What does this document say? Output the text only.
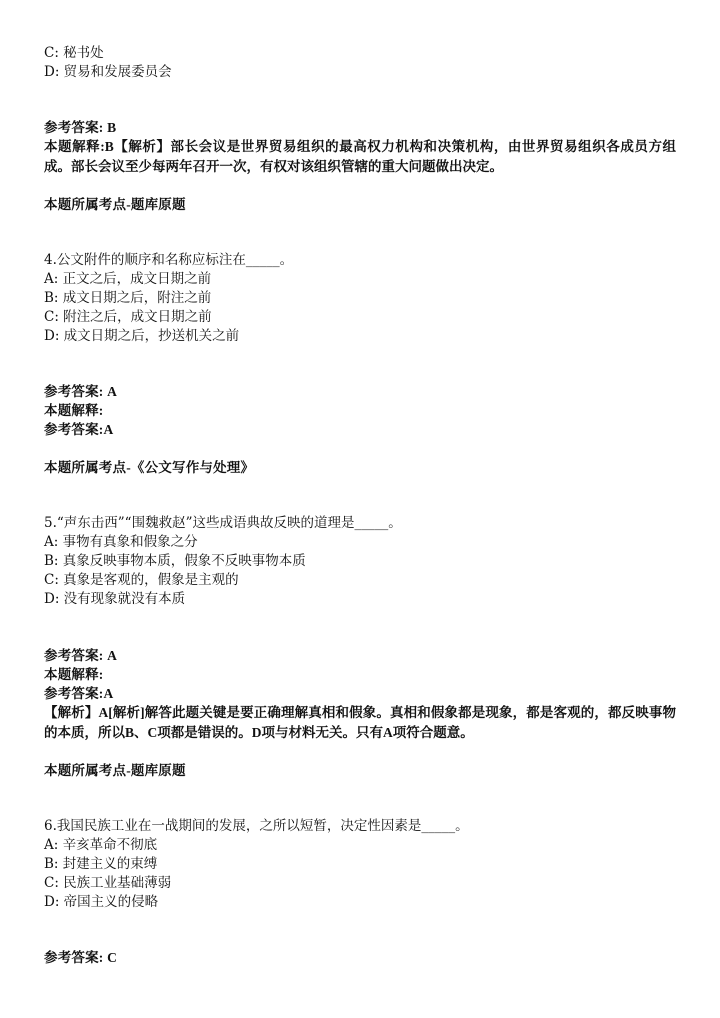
C: 秘书处
D: 贸易和发展委员会
参考答案: B
本题解释:B【解析】部长会议是世界贸易组织的最高权力机构和决策机构，由世界贸易组织各成员方组成。部长会议至少每两年召开一次，有权对该组织管辖的重大问题做出决定。
本题所属考点-题库原题
4.公文附件的顺序和名称应标注在_____。
A: 正文之后，成文日期之前
B: 成文日期之后，附注之前
C: 附注之后，成文日期之前
D: 成文日期之后，抄送机关之前
参考答案: A
本题解释:
参考答案:A
本题所属考点-《公文写作与处理》
5.“声东击西”“围魏救赵”这些成语典故反映的道理是_____。
A: 事物有真象和假象之分
B: 真象反映事物本质，假象不反映事物本质
C: 真象是客观的，假象是主观的
D: 没有现象就没有本质
参考答案: A
本题解释:
参考答案:A
【解析】A[解析]解答此题关键是要正确理解真相和假象。真相和假象都是现象，都是客观的，都反映事物的本质，所以B、C项都是错误的。D项与材料无关。只有A项符合题意。
本题所属考点-题库原题
6.我国民族工业在一战期间的发展，之所以短暂，决定性因素是_____。
A: 辛亥革命不彻底
B: 封建主义的束缚
C: 民族工业基础薄弱
D: 帝国主义的侵略
参考答案: C
